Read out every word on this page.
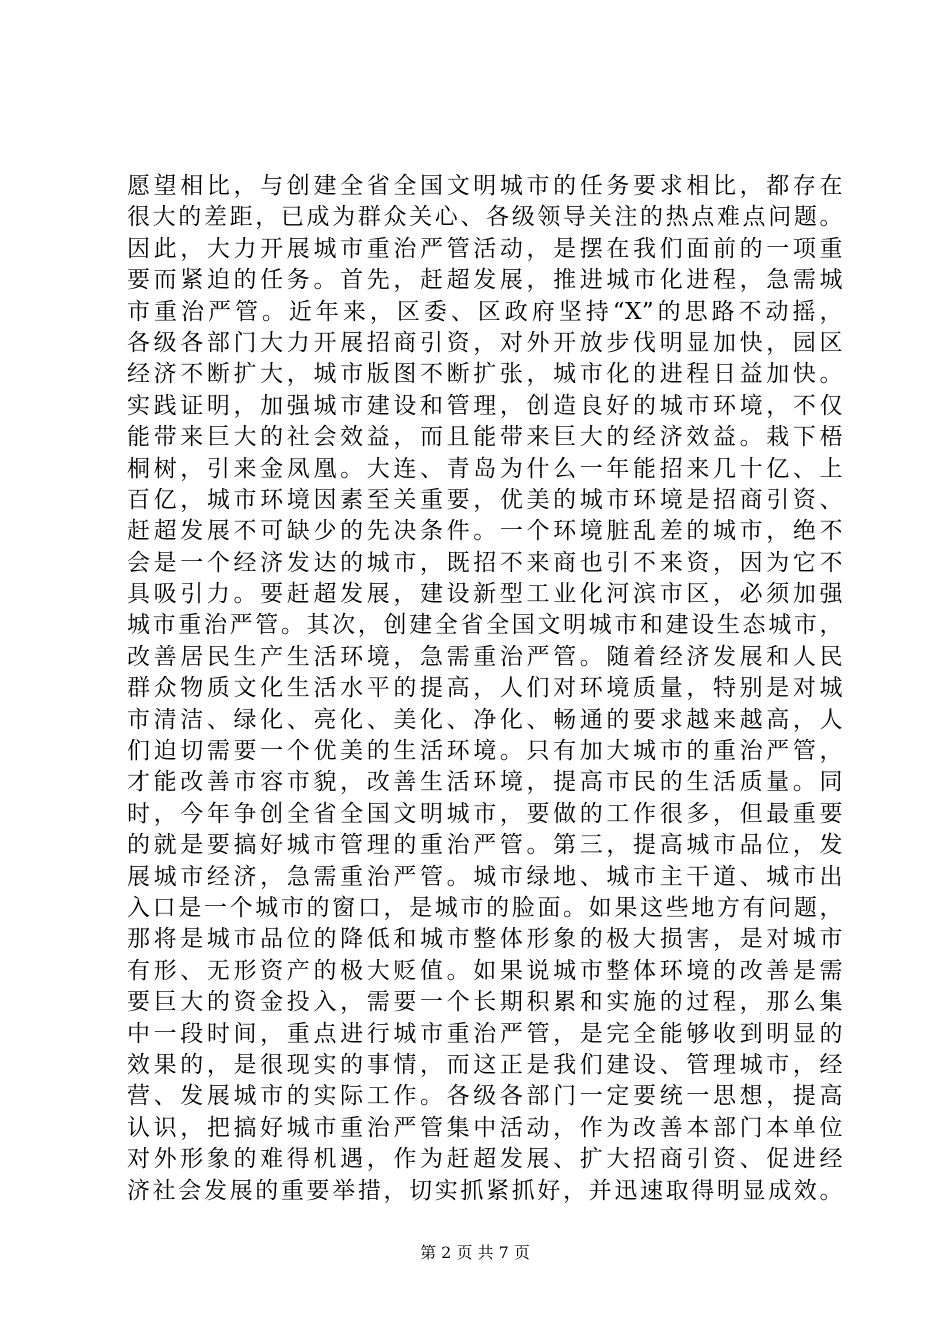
愿望相比，与创建全省全国文明城市的任务要求相比，都存在
很大的差距，已成为群众关心、各级领导关注的热点难点问题。
因此，大力开展城市重治严管活动，是摆在我们面前的一项重
要而紧迫的任务。首先，赶超发展，推进城市化进程，急需城
市重治严管。近年来，区委、区政府坚持“X”的思路不动摇，
各级各部门大力开展招商引资，对外开放步伐明显加快，园区
经济不断扩大，城市版图不断扩张，城市化的进程日益加快。
实践证明，加强城市建设和管理，创造良好的城市环境，不仅
能带来巨大的社会效益，而且能带来巨大的经济效益。栽下梧
桐树，引来金凤凰。大连、青岛为什么一年能招来几十亿、上
百亿，城市环境因素至关重要，优美的城市环境是招商引资、
赶超发展不可缺少的先决条件。一个环境脏乱差的城市，绝不
会是一个经济发达的城市，既招不来商也引不来资，因为它不
具吸引力。要赶超发展，建设新型工业化河滨市区，必须加强
城市重治严管。其次，创建全省全国文明城市和建设生态城市，
改善居民生产生活环境，急需重治严管。随着经济发展和人民
群众物质文化生活水平的提高，人们对环境质量，特别是对城
市清洁、绿化、亮化、美化、净化、畅通的要求越来越高，人
们迫切需要一个优美的生活环境。只有加大城市的重治严管，
才能改善市容市貌，改善生活环境，提高市民的生活质量。同
时，今年争创全省全国文明城市，要做的工作很多，但最重要
的就是要搞好城市管理的重治严管。第三，提高城市品位，发
展城市经济，急需重治严管。城市绿地、城市主干道、城市出
入口是一个城市的窗口，是城市的脸面。如果这些地方有问题，
那将是城市品位的降低和城市整体形象的极大损害，是对城市
有形、无形资产的极大贬值。如果说城市整体环境的改善是需
要巨大的资金投入，需要一个长期积累和实施的过程，那么集
中一段时间，重点进行城市重治严管，是完全能够收到明显的
效果的，是很现实的事情，而这正是我们建设、管理城市，经
营、发展城市的实际工作。各级各部门一定要统一思想，提高
认识，把搞好城市重治严管集中活动，作为改善本部门本单位
对外形象的难得机遇，作为赶超发展、扩大招商引资、促进经
济社会发展的重要举措，切实抓紧抓好，并迅速取得明显成效。
第 2 页 共 7 页
